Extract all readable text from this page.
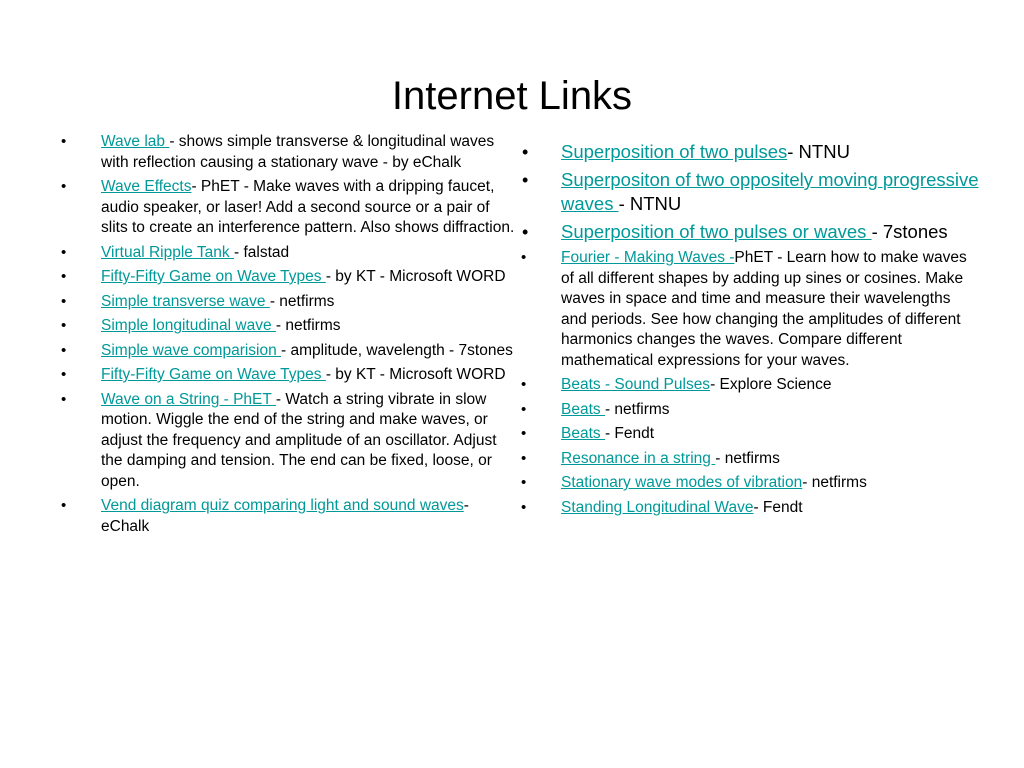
Internet Links
• Wave lab - shows simple transverse & longitudinal waves with reflection causing a stationary wave - by eChalk
• Wave Effects- PhET - Make waves with a dripping faucet, audio speaker, or laser! Add a second source or a pair of slits to create an interference pattern. Also shows diffraction.
• Virtual Ripple Tank - falstad
• Fifty-Fifty Game on Wave Types - by KT - Microsoft WORD
• Simple transverse wave - netfirms
• Simple longitudinal wave - netfirms
• Simple wave comparision - amplitude, wavelength - 7stones
• Fifty-Fifty Game on Wave Types - by KT - Microsoft WORD
• Wave on a String - PhET - Watch a string vibrate in slow motion. Wiggle the end of the string and make waves, or adjust the frequency and amplitude of an oscillator. Adjust the damping and tension. The end can be fixed, loose, or open.
• Vend diagram quiz comparing light and sound waves- eChalk
• Superposition of two pulses- NTNU
• Superpositon of two oppositely moving progressive waves - NTNU
• Superposition of two pulses or waves - 7stones
• Fourier - Making Waves -PhET - Learn how to make waves of all different shapes by adding up sines or cosines. Make waves in space and time and measure their wavelengths and periods. See how changing the amplitudes of different harmonics changes the waves. Compare different mathematical expressions for your waves.
• Beats - Sound Pulses- Explore Science
• Beats - netfirms
• Beats - Fendt
• Resonance in a string - netfirms
• Stationary wave modes of vibration- netfirms
• Standing Longitudinal Wave- Fendt
